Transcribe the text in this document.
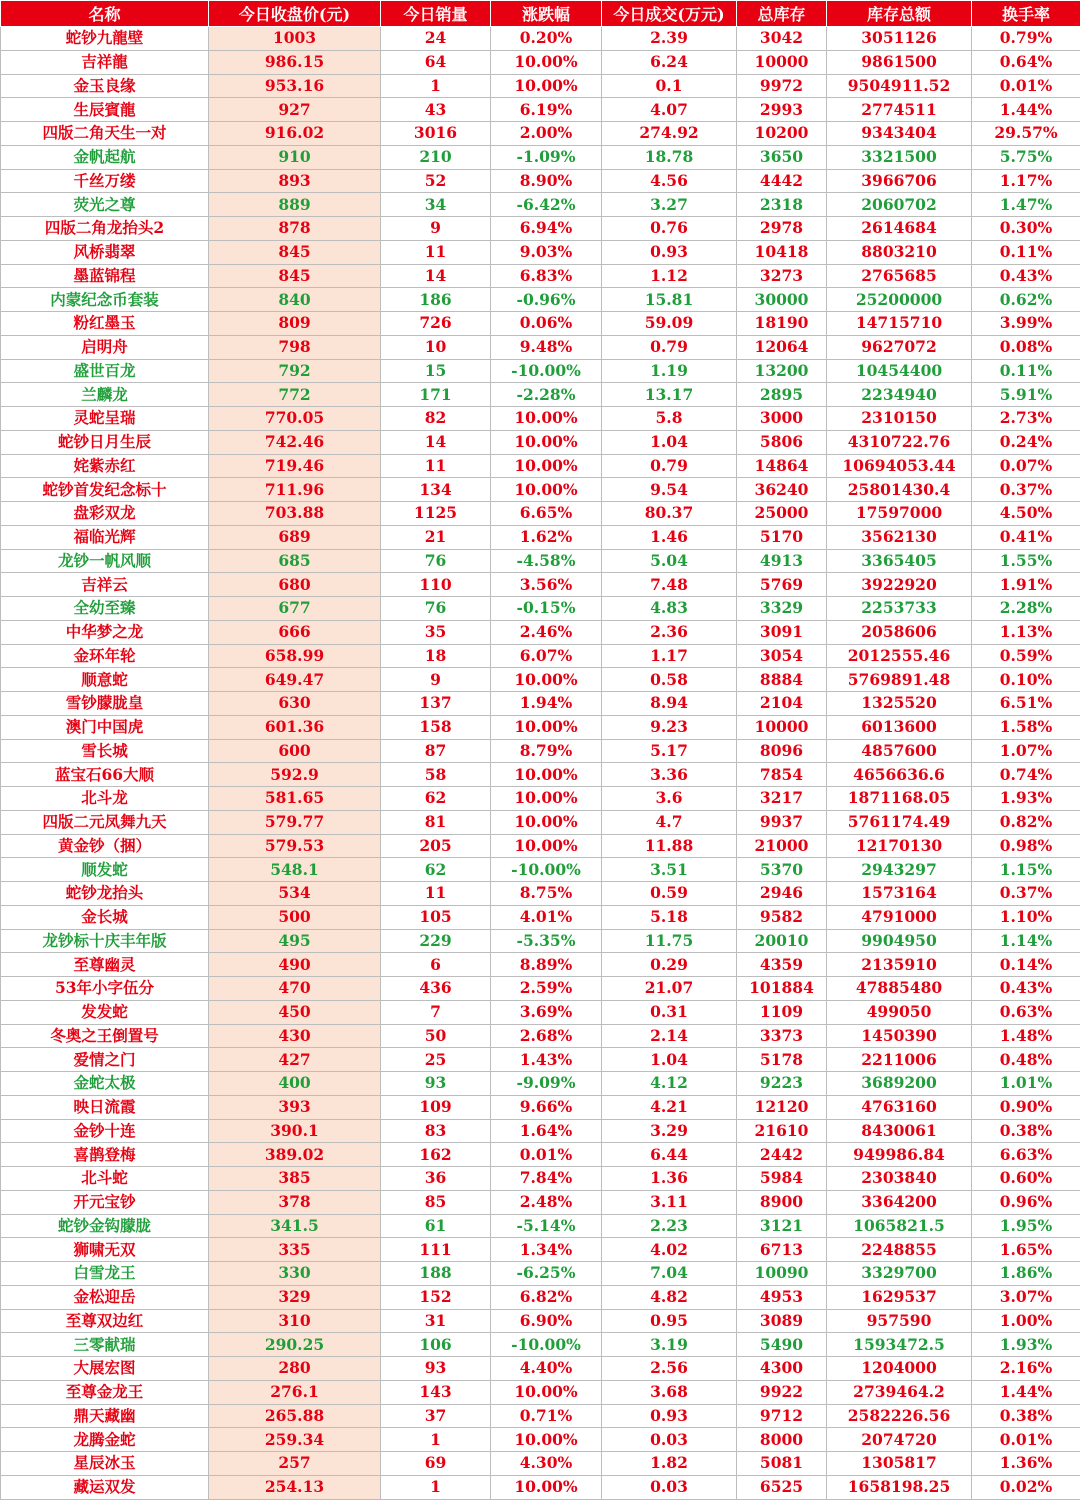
名称	今日收盘价(元)	今日销量	涨跌幅	今日成交(万元)	总库存	库存总额	换手率
蛇钞九龍壁	1003	24	0.20%	2.39	3042	3051126	0.79%
吉祥龍	986.15	64	10.00%	6.24	10000	9861500	0.64%
金玉良缘	953.16	1	10.00%	0.1	9972	9504911.52	0.01%
生辰賓龍	927	43	6.19%	4.07	2993	2774511	1.44%
四版二角天生一对	916.02	3016	2.00%	274.92	10200	9343404	29.57%
金帆起航	910	210	-1.09%	18.78	3650	3321500	5.75%
千丝万缕	893	52	8.90%	4.56	4442	3966706	1.17%
荧光之尊	889	34	-6.42%	3.27	2318	2060702	1.47%
四版二角龙抬头2	878	9	6.94%	0.76	2978	2614684	0.30%
风桥翡翠	845	11	9.03%	0.93	10418	8803210	0.11%
墨蓝锦程	845	14	6.83%	1.12	3273	2765685	0.43%
内蒙纪念币套装	840	186	-0.96%	15.81	30000	25200000	0.62%
粉红墨玉	809	726	0.06%	59.09	18190	14715710	3.99%
启明舟	798	10	9.48%	0.79	12064	9627072	0.08%
盛世百龙	792	15	-10.00%	1.19	13200	10454400	0.11%
兰麟龙	772	171	-2.28%	13.17	2895	2234940	5.91%
灵蛇呈瑞	770.05	82	10.00%	5.8	3000	2310150	2.73%
蛇钞日月生辰	742.46	14	10.00%	1.04	5806	4310722.76	0.24%
姹紫赤红	719.46	11	10.00%	0.79	14864	10694053.44	0.07%
蛇钞首发纪念标十	711.96	134	10.00%	9.54	36240	25801430.4	0.37%
盘彩双龙	703.88	1125	6.65%	80.37	25000	17597000	4.50%
福临光辉	689	21	1.62%	1.46	5170	3562130	0.41%
龙钞一帆风顺	685	76	-4.58%	5.04	4913	3365405	1.55%
吉祥云	680	110	3.56%	7.48	5769	3922920	1.91%
全幼至臻	677	76	-0.15%	4.83	3329	2253733	2.28%
中华梦之龙	666	35	2.46%	2.36	3091	2058606	1.13%
金环年轮	658.99	18	6.07%	1.17	3054	2012555.46	0.59%
顺意蛇	649.47	9	10.00%	0.58	8884	5769891.48	0.10%
雪钞朦胧皇	630	137	1.94%	8.94	2104	1325520	6.51%
澳门中国虎	601.36	158	10.00%	9.23	10000	6013600	1.58%
雪长城	600	87	8.79%	5.17	8096	4857600	1.07%
蓝宝石66大顺	592.9	58	10.00%	3.36	7854	4656636.6	0.74%
北斗龙	581.65	62	10.00%	3.6	3217	1871168.05	1.93%
四版二元凤舞九天	579.77	81	10.00%	4.7	9937	5761174.49	0.82%
黄金钞（捆）	579.53	205	10.00%	11.88	21000	12170130	0.98%
顺发蛇	548.1	62	-10.00%	3.51	5370	2943297	1.15%
蛇钞龙抬头	534	11	8.75%	0.59	2946	1573164	0.37%
金长城	500	105	4.01%	5.18	9582	4791000	1.10%
龙钞标十庆丰年版	495	229	-5.35%	11.75	20010	9904950	1.14%
至尊幽灵	490	6	8.89%	0.29	4359	2135910	0.14%
53年小字伍分	470	436	2.59%	21.07	101884	47885480	0.43%
发发蛇	450	7	3.69%	0.31	1109	499050	0.63%
冬奥之王倒置号	430	50	2.68%	2.14	3373	1450390	1.48%
爱情之门	427	25	1.43%	1.04	5178	2211006	0.48%
金蛇太极	400	93	-9.09%	4.12	9223	3689200	1.01%
映日流霞	393	109	9.66%	4.21	12120	4763160	0.90%
金钞十连	390.1	83	1.64%	3.29	21610	8430061	0.38%
喜鹊登梅	389.02	162	0.01%	6.44	2442	949986.84	6.63%
北斗蛇	385	36	7.84%	1.36	5984	2303840	0.60%
开元宝钞	378	85	2.48%	3.11	8900	3364200	0.96%
蛇钞金钩朦胧	341.5	61	-5.14%	2.23	3121	1065821.5	1.95%
狮啸无双	335	111	1.34%	4.02	6713	2248855	1.65%
白雪龙王	330	188	-6.25%	7.04	10090	3329700	1.86%
金松迎岳	329	152	6.82%	4.82	4953	1629537	3.07%
至尊双边红	310	31	6.90%	0.95	3089	957590	1.00%
三零献瑞	290.25	106	-10.00%	3.19	5490	1593472.5	1.93%
大展宏图	280	93	4.40%	2.56	4300	1204000	2.16%
至尊金龙王	276.1	143	10.00%	3.68	9922	2739464.2	1.44%
鼎天藏幽	265.88	37	0.71%	0.93	9712	2582226.56	0.38%
龙腾金蛇	259.34	1	10.00%	0.03	8000	2074720	0.01%
星辰冰玉	257	69	4.30%	1.82	5081	1305817	1.36%
藏运双发	254.13	1	10.00%	0.03	6525	1658198.25	0.02%
